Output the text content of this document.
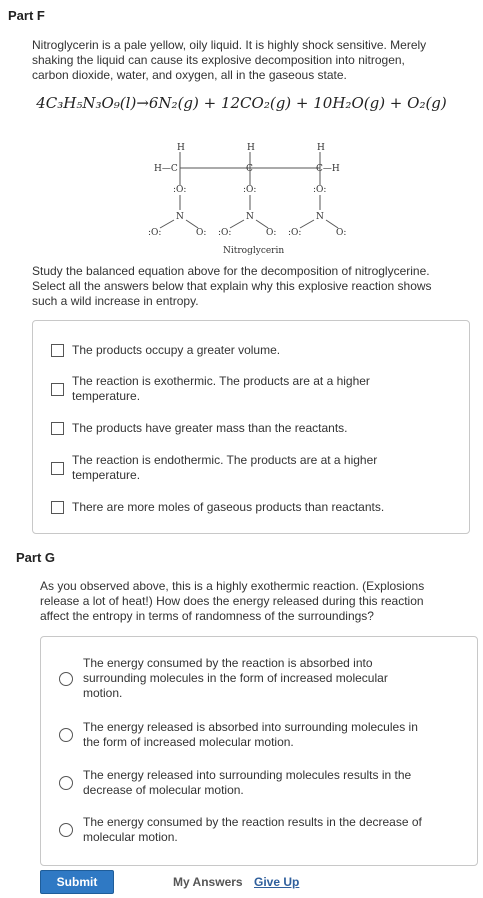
Part F
Nitroglycerin is a pale yellow, oily liquid. It is highly shock sensitive. Merely
shaking the liquid can cause its explosive decomposition into nitrogen,
carbon dioxide, water, and oxygen, all in the gaseous state.
4C₃H₅N₃O₉(l)→6N₂(g) + 12CO₂(g) + 10H₂O(g) + O₂(g)
H	H	H
H—C	C	C—H
:O:	:O:	:O:
N	N	N
:O:	O: :O:	O: :O:	O:
Nitroglycerin
Study the balanced equation above for the decomposition of nitroglycerine.
Select all the answers below that explain why this explosive reaction shows
such a wild increase in entropy.
The products occupy a greater volume.
The reaction is exothermic. The products are at a higher
temperature.
The products have greater mass than the reactants.
The reaction is endothermic. The products are at a higher
temperature.
There are more moles of gaseous products than reactants.
Part G
As you observed above, this is a highly exothermic reaction. (Explosions
release a lot of heat!) How does the energy released during this reaction
affect the entropy in terms of randomness of the surroundings?
The energy consumed by the reaction is absorbed into
surrounding molecules in the form of increased molecular
motion.
The energy released is absorbed into surrounding molecules in
the form of increased molecular motion.
The energy released into surrounding molecules results in the
decrease of molecular motion.
The energy consumed by the reaction results in the decrease of
molecular motion.
Submit	My Answers Give Up
